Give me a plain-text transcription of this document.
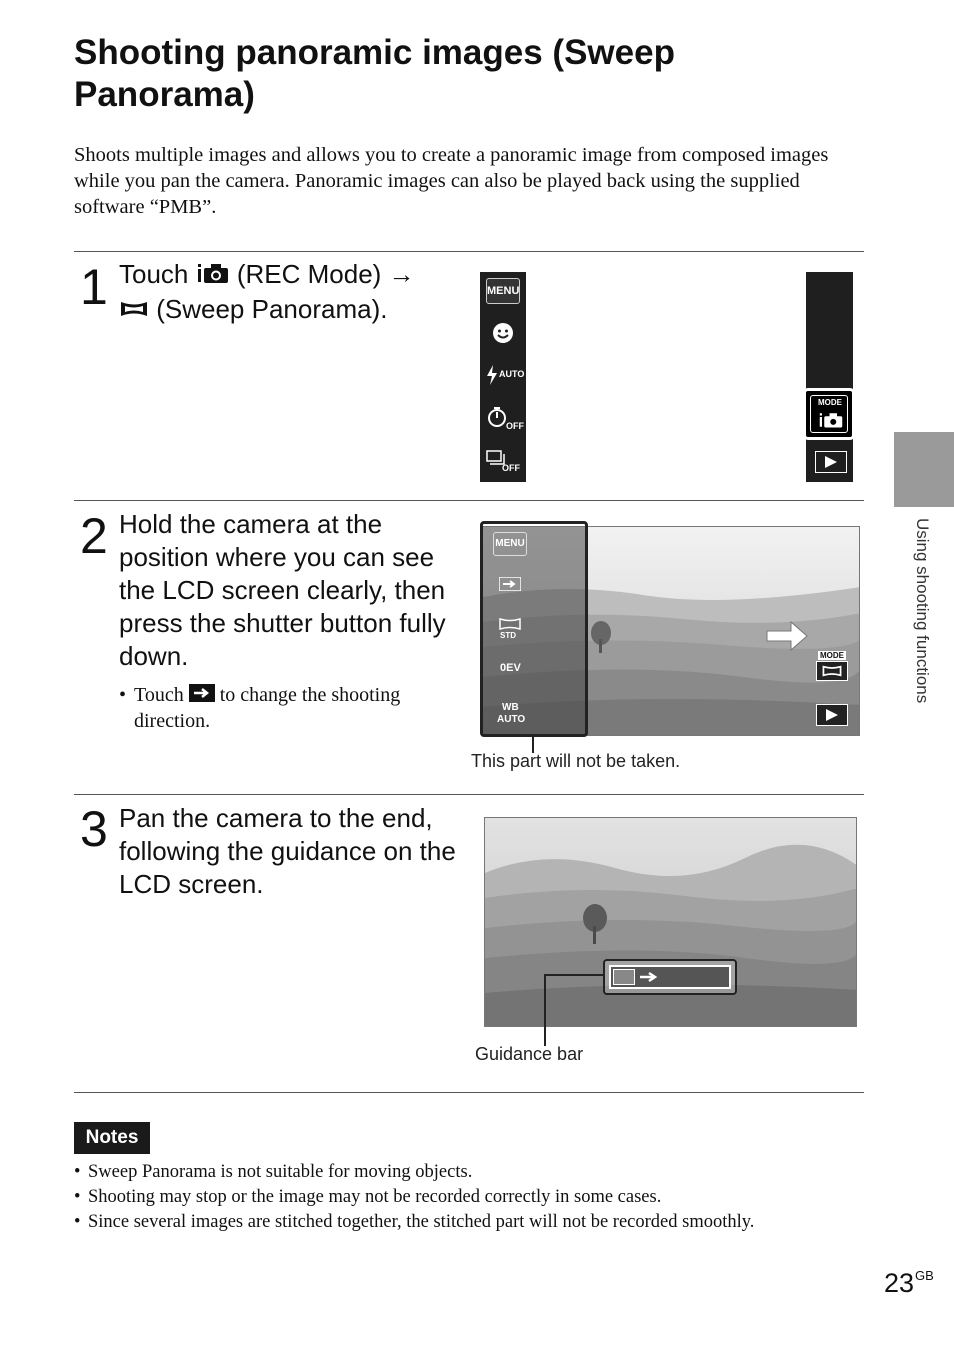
Shooting panoramic images (Sweep Panorama)

Shoots multiple images and allows you to create a panoramic image from composed images while you pan the camera. Panoramic images can also be played back using the supplied software “PMB”.

1 Touch (REC Mode) →
(Sweep Panorama).
MENU
AUTO
OFF
OFF
MODE
2 Hold the camera at the position where you can see the LCD screen clearly, then press the shutter button fully down.
• Touch to change the shooting direction.
MENU
STD
0EV
WB
AUTO
MODE
This part will not be taken.
3 Pan the camera to the end, following the guidance on the LCD screen.
Guidance bar
Notes
• Sweep Panorama is not suitable for moving objects.
• Shooting may stop or the image may not be recorded correctly in some cases.
• Since several images are stitched together, the stitched part will not be recorded smoothly.
Using shooting functions
$23^{GB}$
